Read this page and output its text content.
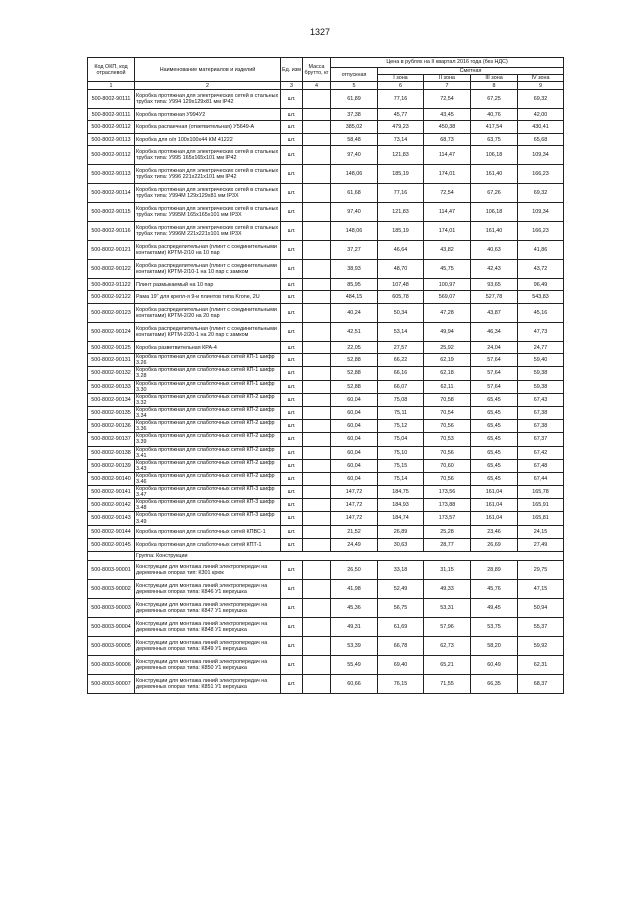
1327
Код ОКП, код отраслевой	Наименование материалов и изделий	Ед. изм	Масса брутто, кг	Цена в рублях на II квартал 2016 года (без НДС)				
				отпускная	Сметная			
					I зона	II зона	III зона	IV зона
1	2	3	4	5	6	7	8	9
500-8002-90111	Коробка протяжная для электрических сетей в стальных трубах типа: У994 129x129x81 мм IP42	шт.		61,89	77,16	72,54	67,25	69,32
500-8002-90111	Коробка протяжная У994У2	шт.		37,38	45,77	43,45	40,76	42,00
500-8002-90112	Коробка распаечная (ответвительная) У5649-А	шт.		385,02	479,23	450,38	417,54	430,41
500-8002-90113	Коробка для о/п 100x100x44 КМ 41222	шт.		58,48	73,14	68,73	63,75	65,68
500-8002-90112	Коробка протяжная для электрических сетей в стальных трубах типа: У995 165x165x101 мм IP42	шт.		97,40	121,83	114,47	106,18	109,34
500-8002-90113	Коробка протяжная для электрических сетей в стальных трубах типа: У996 221x221x101 мм IP42	шт.		148,06	185,19	174,01	161,40	166,23
500-8002-90114	Коробка протяжная для электрических сетей в стальных трубах типа: У994М 129x129x81 мм IP3Х	шт.		61,68	77,16	72,54	67,26	69,32
500-8002-90115	Коробка протяжная для электрических сетей в стальных трубах типа: У995М 165x165x101 мм IP3Х	шт.		97,40	121,83	114,47	106,18	109,34
500-8002-90116	Коробка протяжная для электрических сетей в стальных трубах типа: У996М 221x221x101 мм IP3Х	шт.		148,06	185,19	174,01	161,40	166,23
500-8002-90121	Коробка распределительная (плинт с соединительными контактами) КРТМ-2/10 на 10 пар	шт.		37,27	46,64	43,82	40,63	41,86
500-8002-90122	Коробка распределительная (плинт с соединительными контактами) КРТМ-2/10-1 на 10 пар с замком	шт.		38,93	48,70	45,75	42,43	43,72
500-8002-91122	Плинт размыкаемый на 10 пар	шт.		85,95	107,48	100,97	93,65	96,49
500-8002-92122	Рама 19" для крепл-я 9-и плинтов типа Krone, 2U	шт.		484,15	605,78	569,07	527,78	543,83
500-8002-90123	Коробка распределительная (плинт с соединительными контактами) КРТМ-2/20 на 20 пар	шт.		40,24	50,34	47,28	43,87	45,16
500-8002-90124	Коробка распределительная (плинт с соединительными контактами) КРТМ-2/20-1 на 20 пар с замком	шт.		42,51	53,14	49,94	46,34	47,73
500-8002-90125	Коробка разветвительная КРА-4	шт.		22,05	27,57	25,92	24,04	24,77
500-8002-90131	Коробка протяжная для слаботочных сетей КП-1 шифр 3.26	шт.		52,88	66,22	62,19	57,64	59,40
500-8002-90132	Коробка протяжная для слаботочных сетей КП-1 шифр 3.28	шт.		52,88	66,16	62,18	57,64	59,38
500-8002-90133	Коробка протяжная для слаботочных сетей КП-1 шифр 3.30	шт.		52,88	66,07	62,11	57,64	59,38
500-8002-90134	Коробка протяжная для слаботочных сетей КП-2 шифр 3.32	шт.		60,04	75,08	70,58	65,45	67,43
500-8002-90135	Коробка протяжная для слаботочных сетей КП-2 шифр 3.34	шт.		60,04	75,11	70,54	65,45	67,38
500-8002-90136	Коробка протяжная для слаботочных сетей КП-2 шифр 3.36	шт.		60,04	75,12	70,56	65,45	67,38
500-8002-90137	Коробка протяжная для слаботочных сетей КП-2 шифр 3.39	шт.		60,04	75,04	70,53	65,45	67,37
500-8002-90138	Коробка протяжная для слаботочных сетей КП-2 шифр 3.41	шт.		60,04	75,10	70,56	65,45	67,42
500-8002-90139	Коробка протяжная для слаботочных сетей КП-2 шифр 3.43	шт.		60,04	75,15	70,60	65,45	67,48
500-8002-90140	Коробка протяжная для слаботочных сетей КП-2 шифр 3.46	шт.		60,04	75,14	70,56	65,45	67,44
500-8002-90141	Коробка протяжная для слаботочных сетей КП-3 шифр 3.47	шт.		147,72	184,75	173,56	161,04	165,78
500-8002-90142	Коробка протяжная для слаботочных сетей КП-3 шифр 3.48	шт.		147,72	184,93	173,88	161,04	165,91
500-8002-90143	Коробка протяжная для слаботочных сетей КП-3 шифр 3.49	шт.		147,72	184,74	173,57	161,04	165,81
500-8002-90144	Коробка протяжная для слаботочных сетей КПВС-1	шт.		21,52	26,89	25,28	23,46	24,15
500-8002-90145	Коробка протяжная для слаботочных сетей КПТ-1	шт.		24,49	30,63	28,77	26,69	27,49
	Группа: Конструкции							
500-8003-90001	Конструкции для монтажа линий электропередач на деревянных опорах тип: К301 крюк	шт.		26,50	33,18	31,15	28,89	29,75
500-8003-90002	Конструкции для монтажа линий электропередач на деревянных опорах типа: К846 У1 верхушка	шт.		41,98	52,49	49,33	45,76	47,15
500-8003-90003	Конструкции для монтажа линий электропередач на деревянных опорах типа: К847 У1 верхушка	шт.		45,36	56,75	53,31	49,45	50,94
500-8003-90004	Конструкции для монтажа линий электропередач на деревянных опорах типа: К848 У1 верхушка	шт.		49,31	61,69	57,96	53,75	55,37
500-8003-90005	Конструкции для монтажа линий электропередач на деревянных опорах типа: К849 У1 верхушка	шт.		53,39	66,78	62,73	58,20	59,92
500-8003-90006	Конструкции для монтажа линий электропередач на деревянных опорах типа: К850 У1 верхушка	шт.		55,49	69,40	65,21	60,49	62,31
500-8003-90007	Конструкции для монтажа линий электропередач на деревянных опорах типа: К851 У1 верхушка	шт.		60,66	76,15	71,55	66,35	68,37
